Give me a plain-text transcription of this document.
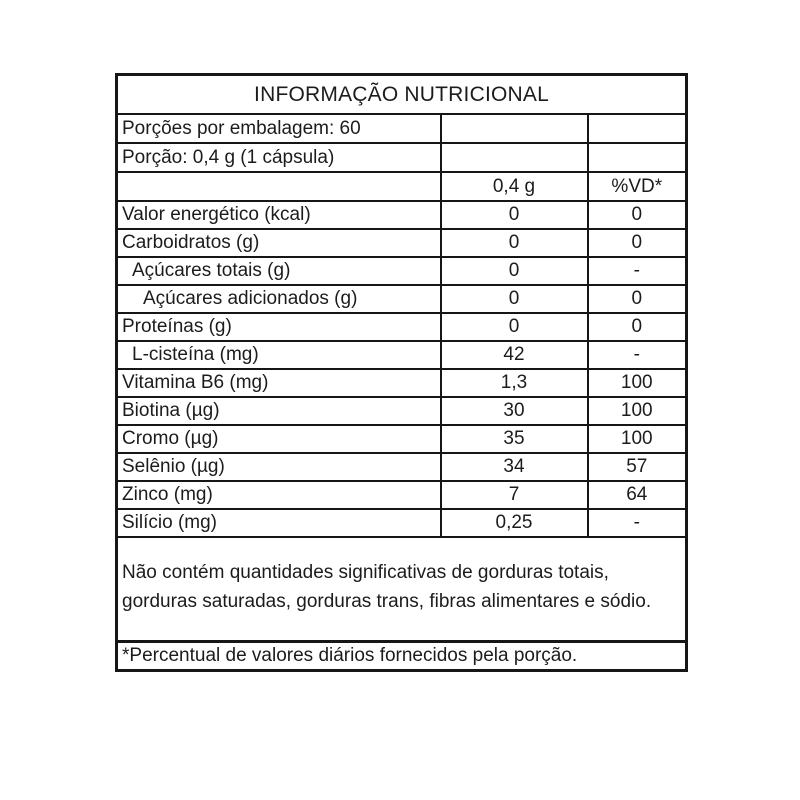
INFORMAÇÃO NUTRICIONAL		
Porções por embalagem: 60		
Porção: 0,4 g (1 cápsula)		
	0,4 g	%VD*
Valor energético (kcal)	0	0
Carboidratos (g)	0	0
Açúcares totais (g)	0	-
Açúcares adicionados (g)	0	0
Proteínas (g)	0	0
L-cisteína (mg)	42	-
Vitamina B6 (mg)	1,3	100
Biotina (µg)	30	100
Cromo (µg)	35	100
Selênio (µg)	34	57
Zinco (mg)	7	64
Silício (mg)	0,25	-
Não contém quantidades significativas de gorduras totais, gorduras saturadas, gorduras trans, fibras alimentares e sódio.		
*Percentual de valores diários fornecidos pela porção.		
